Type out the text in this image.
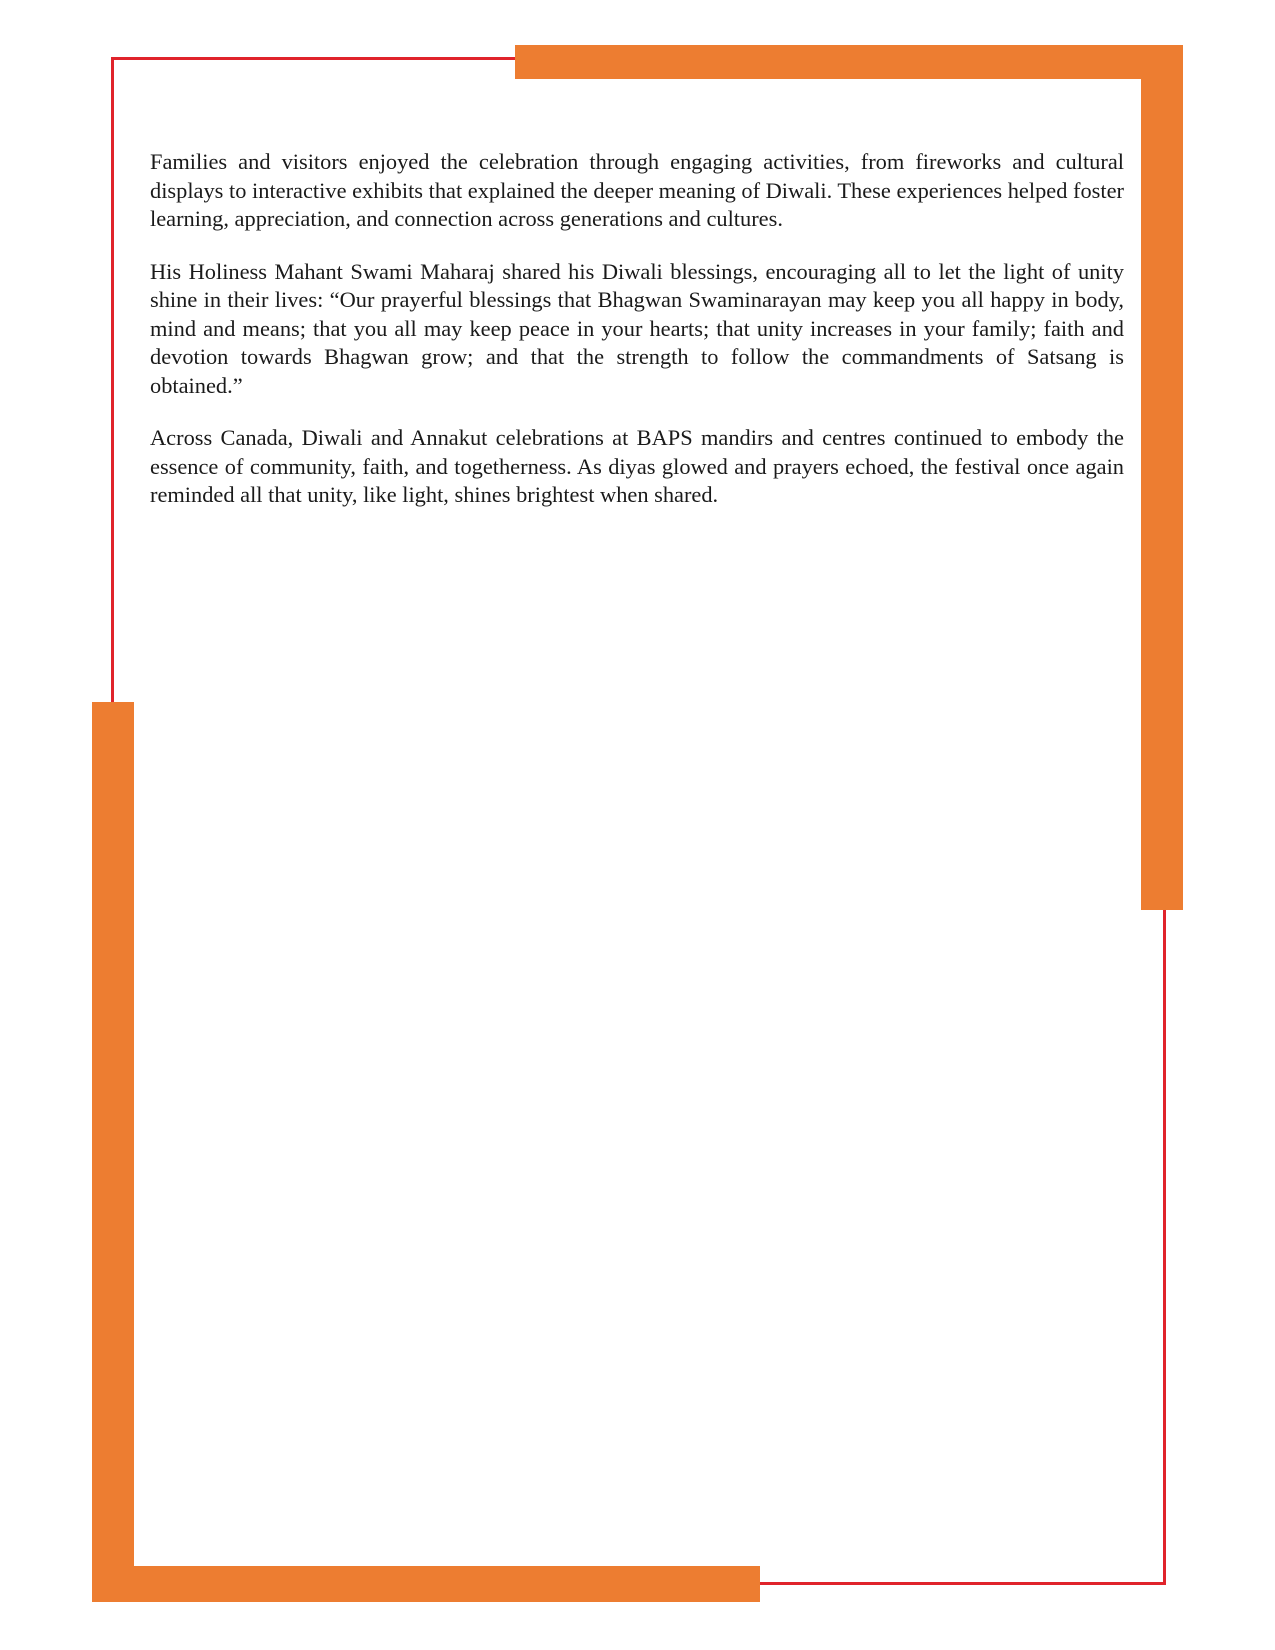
Families and visitors enjoyed the celebration through engaging activities, from fireworks and cultural displays to interactive exhibits that explained the deeper meaning of Diwali. These experiences helped foster learning, appreciation, and connection across generations and cultures.

His Holiness Mahant Swami Maharaj shared his Diwali blessings, encouraging all to let the light of unity shine in their lives: “Our prayerful blessings that Bhagwan Swaminarayan may keep you all happy in body, mind and means; that you all may keep peace in your hearts; that unity increases in your family; faith and devotion towards Bhagwan grow; and that the strength to follow the commandments of Satsang is obtained.”

Across Canada, Diwali and Annakut celebrations at BAPS mandirs and centres continued to embody the essence of community, faith, and togetherness. As diyas glowed and prayers echoed, the festival once again reminded all that unity, like light, shines brightest when shared.
